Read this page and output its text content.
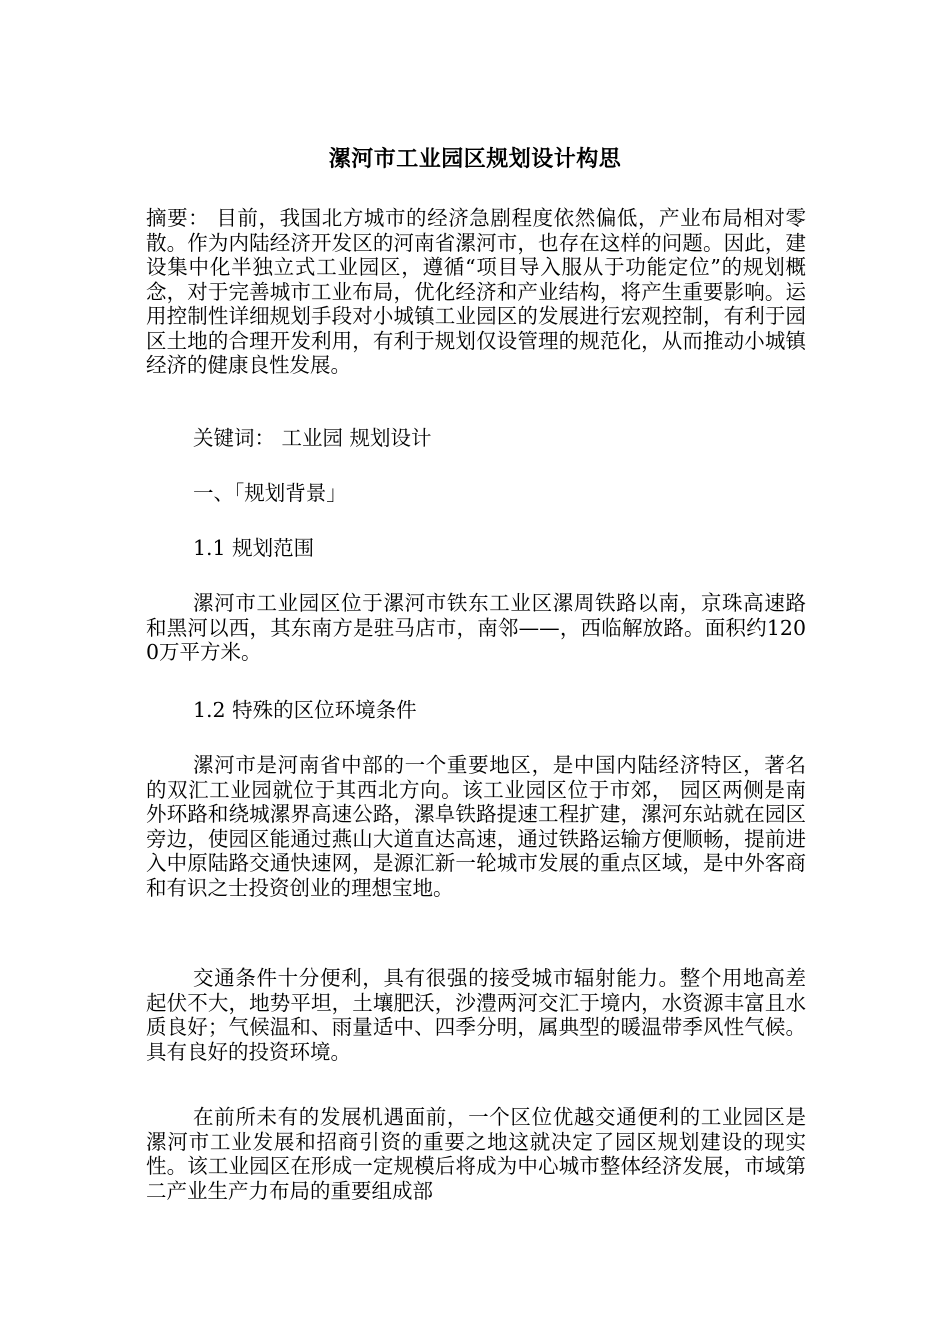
漯河市工业园区规划设计构思

摘要： 目前，我国北方城市的经济急剧程度依然偏低，产业布局相对零散。作为内陆经济开发区的河南省漯河市，也存在这样的问题。因此，建设集中化半独立式工业园区，遵循“项目导入服从于功能定位”的规划概念，对于完善城市工业布局，优化经济和产业结构，将产生重要影响。运用控制性详细规划手段对小城镇工业园区的发展进行宏观控制，有利于园区土地的合理开发利用，有利于规划仅设管理的规范化，从而推动小城镇经济的健康良性发展。

关键词： 工业园 规划设计

一、「规划背景」

1.1 规划范围

漯河市工业园区位于漯河市铁东工业区漯周铁路以南，京珠高速路和黑河以西，其东南方是驻马店市，南邻——，西临解放路。面积约1200万平方米。

1.2 特殊的区位环境条件

漯河市是河南省中部的一个重要地区，是中国内陆经济特区，著名的双汇工业园就位于其西北方向。该工业园区位于市郊， 园区两侧是南外环路和绕城漯界高速公路，漯阜铁路提速工程扩建，漯河东站就在园区旁边，使园区能通过燕山大道直达高速，通过铁路运输方便顺畅，提前进入中原陆路交通快速网，是源汇新一轮城市发展的重点区域，是中外客商和有识之士投资创业的理想宝地。

交通条件十分便利，具有很强的接受城市辐射能力。整个用地高差起伏不大，地势平坦，土壤肥沃，沙澧两河交汇于境内，水资源丰富且水质良好；气候温和、雨量适中、四季分明，属典型的暖温带季风性气候。具有良好的投资环境。

在前所未有的发展机遇面前，一个区位优越交通便利的工业园区是漯河市工业发展和招商引资的重要之地这就决定了园区规划建设的现实性。该工业园区在形成一定规模后将成为中心城市整体经济发展，市域第二产业生产力布局的重要组成部
